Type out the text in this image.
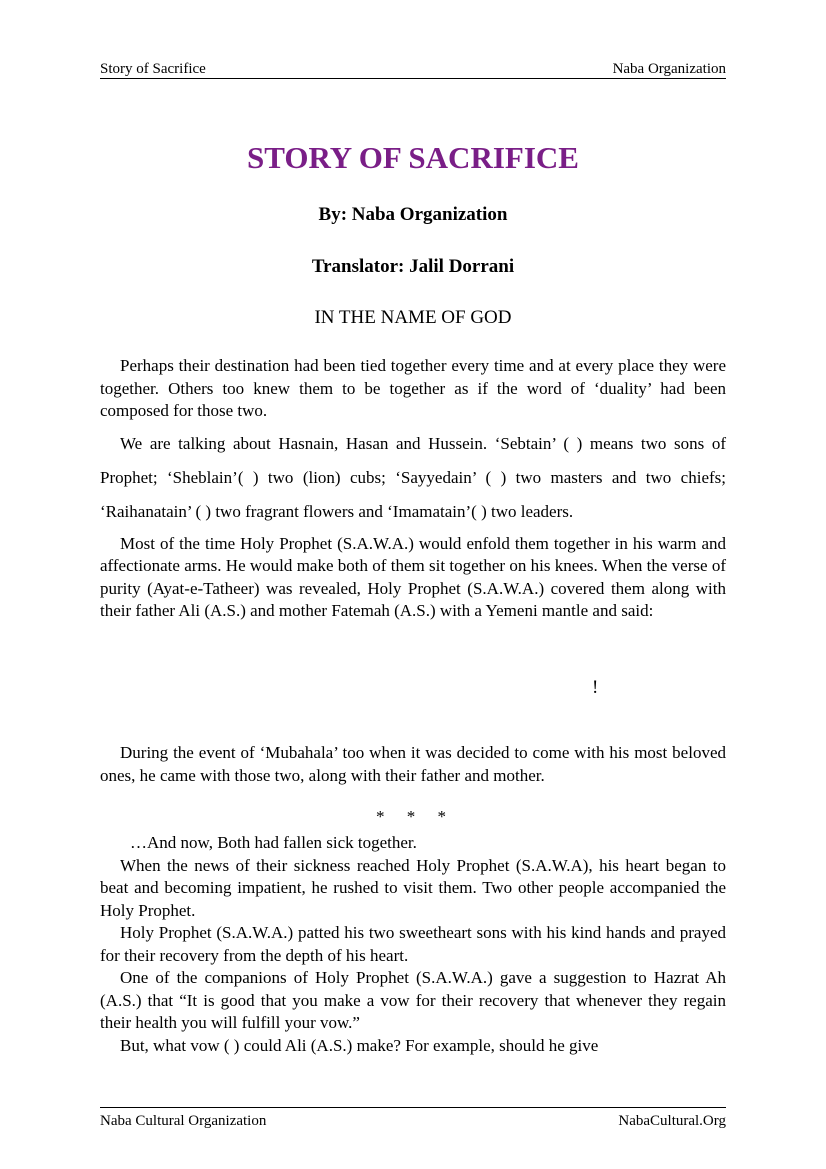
Story of Sacrifice	Naba Organization
STORY OF SACRIFICE
By: Naba Organization
Translator: Jalil Dorrani
IN THE NAME OF GOD

Perhaps their destination had been tied together every time and at every place they were together. Others too knew them to be together as if the word of ‘duality’ had been composed for those two.

We are talking about Hasnain, Hasan and Hussein. ‘Sebtain’ ( ) means two sons of Prophet; ‘Sheblain’( ) two (lion) cubs; ‘Sayyedain’ ( ) two masters and two chiefs; ‘Raihanatain’ ( ) two fragrant flowers and ‘Imamatain’( ) two leaders.

Most of the time Holy Prophet (S.A.W.A.) would enfold them together in his warm and affectionate arms. He would make both of them sit together on his knees. When the verse of purity (Ayat-e-Tatheer) was revealed, Holy Prophet (S.A.W.A.) covered them along with their father Ali (A.S.) and mother Fatemah (A.S.) with a Yemeni mantle and said:

!

During the event of ‘Mubahala’ too when it was decided to come with his most beloved ones, he came with those two, along with their father and mother.

* * *

…And now, Both had fallen sick together.

When the news of their sickness reached Holy Prophet (S.A.W.A), his heart began to beat and becoming impatient, he rushed to visit them. Two other people accompanied the Holy Prophet.

Holy Prophet (S.A.W.A.) patted his two sweetheart sons with his kind hands and prayed for their recovery from the depth of his heart.

One of the companions of Holy Prophet (S.A.W.A.) gave a suggestion to Hazrat Ah (A.S.) that “It is good that you make a vow for their recovery that whenever they regain their health you will fulfill your vow.”

But, what vow ( ) could Ali (A.S.) make? For example, should he give

Naba Cultural Organization	NabaCultural.Org
